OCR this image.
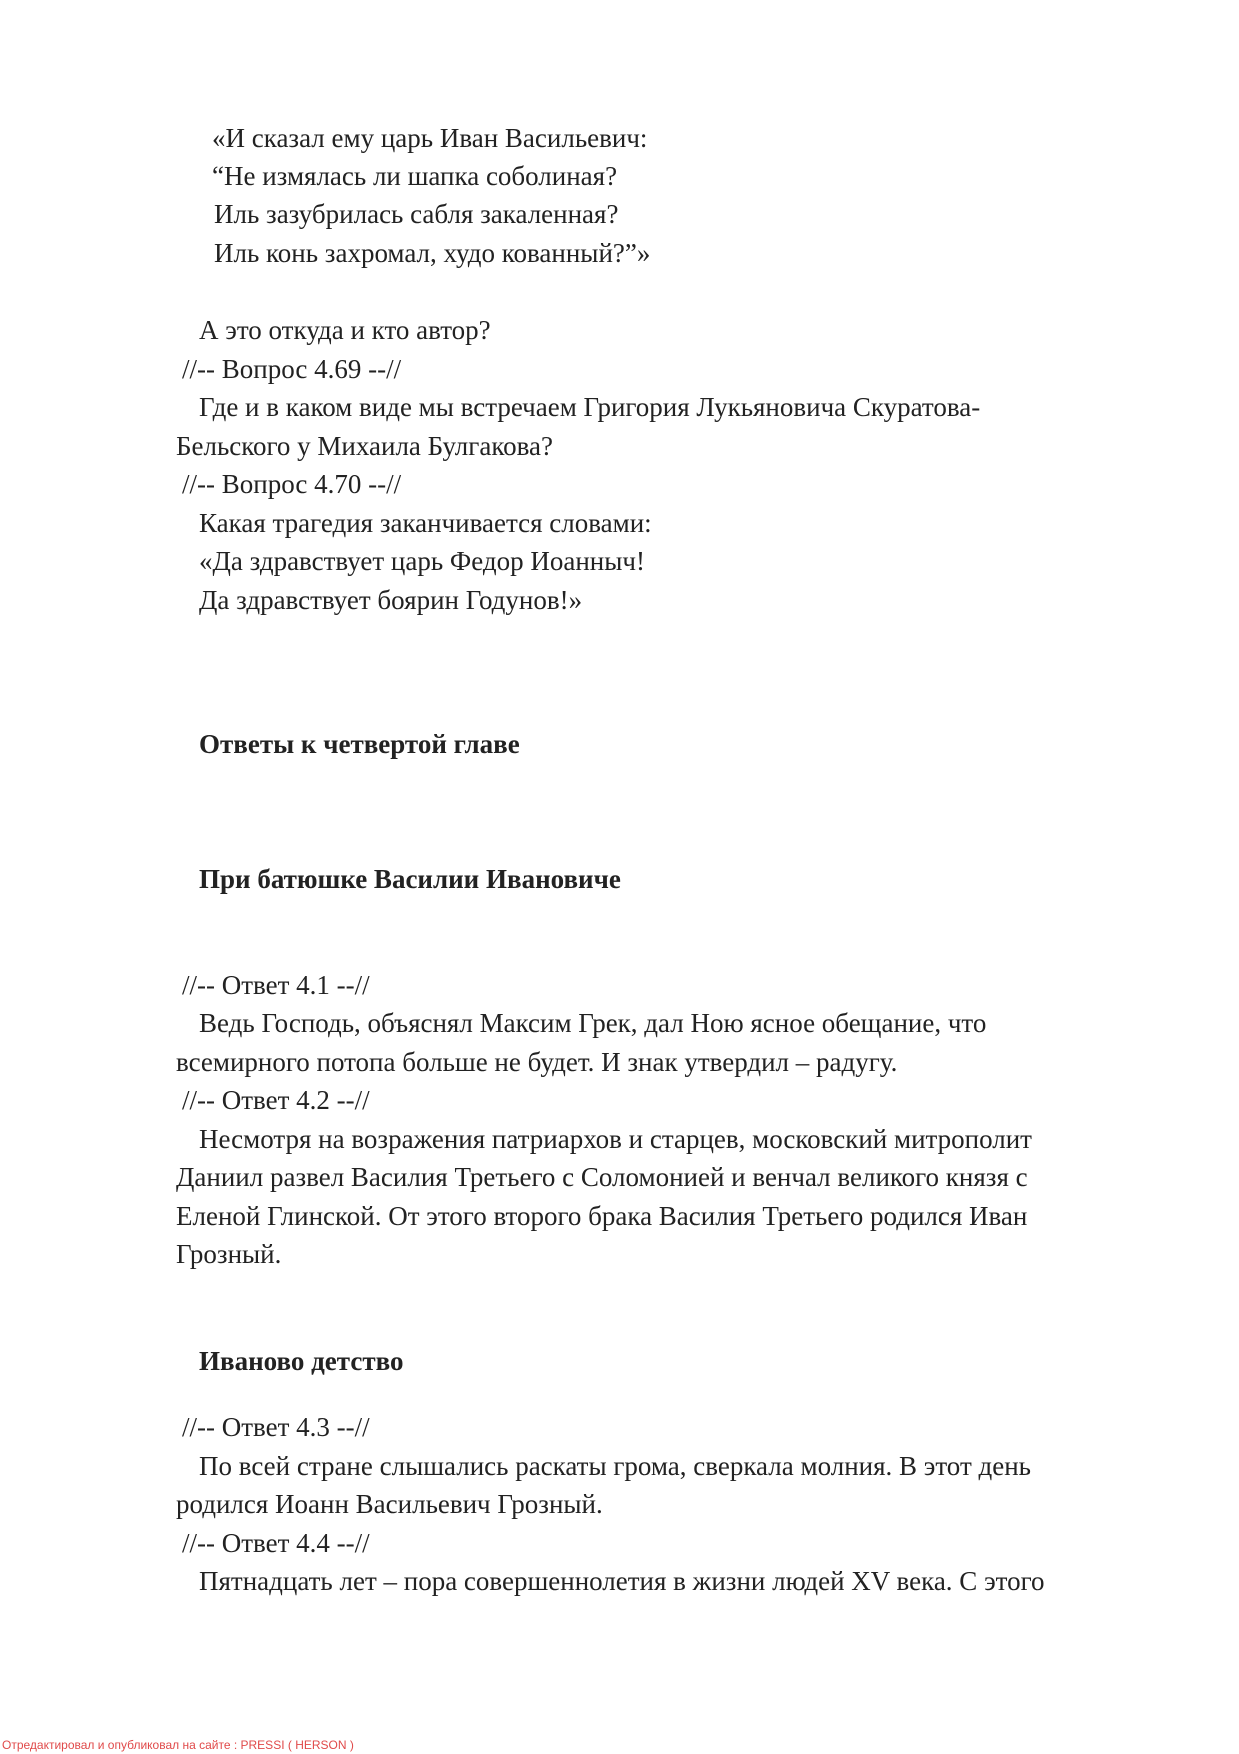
«И сказал ему царь Иван Васильевич:
“Не измялась ли шапка соболиная?
Иль зазубрилась сабля закаленная?
Иль конь захромал, худо кованный?”»
А это откуда и кто автор?
//-- Вопрос 4.69 --//
Где и в каком виде мы встречаем Григория Лукьяновича Скуратова-
Бельского у Михаила Булгакова?
//-- Вопрос 4.70 --//
Какая трагедия заканчивается словами:
«Да здравствует царь Федор Иоанныч!
Да здравствует боярин Годунов!»
Ответы к четвертой главе
При батюшке Василии Ивановиче
//-- Ответ 4.1 --//
Ведь Господь, объяснял Максим Грек, дал Ною ясное обещание, что
всемирного потопа больше не будет. И знак утвердил – радугу.
//-- Ответ 4.2 --//
Несмотря на возражения патриархов и старцев, московский митрополит
Даниил развел Василия Третьего с Соломонией и венчал великого князя с
Еленой Глинской. От этого второго брака Василия Третьего родился Иван
Грозный.
Иваново детство
//-- Ответ 4.3 --//
По всей стране слышались раскаты грома, сверкала молния. В этот день
родился Иоанн Васильевич Грозный.
//-- Ответ 4.4 --//
Пятнадцать лет – пора совершеннолетия в жизни людей XV века. С этого
Отредактировал и опубликовал на сайте : PRESSI ( HERSON )
